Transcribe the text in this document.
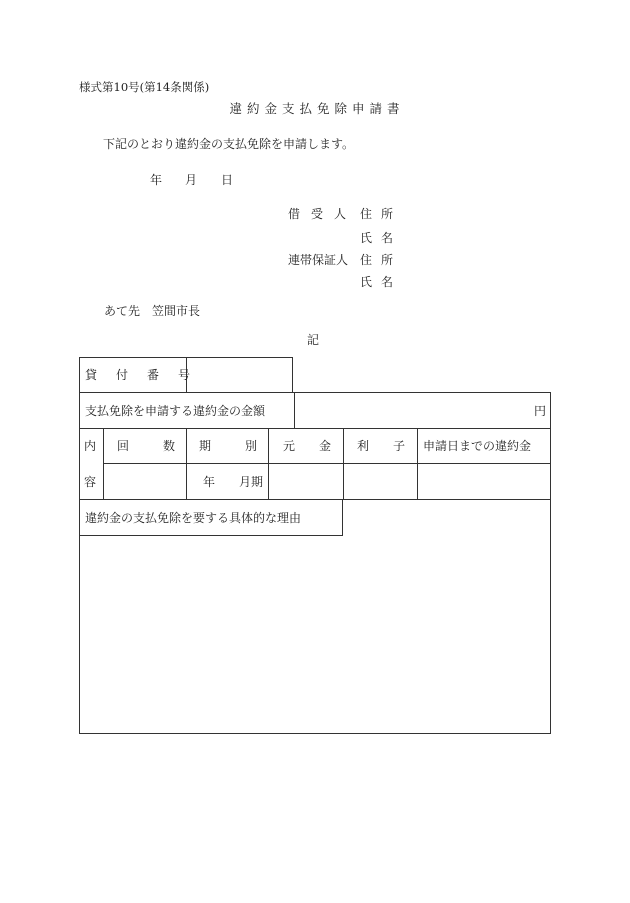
様式第10号(第14条関係)
違約金支払免除申請書
下記のとおり違約金の支払免除を申請します。
年 月 日
借受人 住所
氏名
連帯保証人 住所
氏名
あて先　笠間市長
記
貸付番号
支払免除を申請する違約金の金額	円
内
容
回数
期別
元金 利子
申請日までの違約金
年　　月期
違約金の支払免除を要する具体的な理由
